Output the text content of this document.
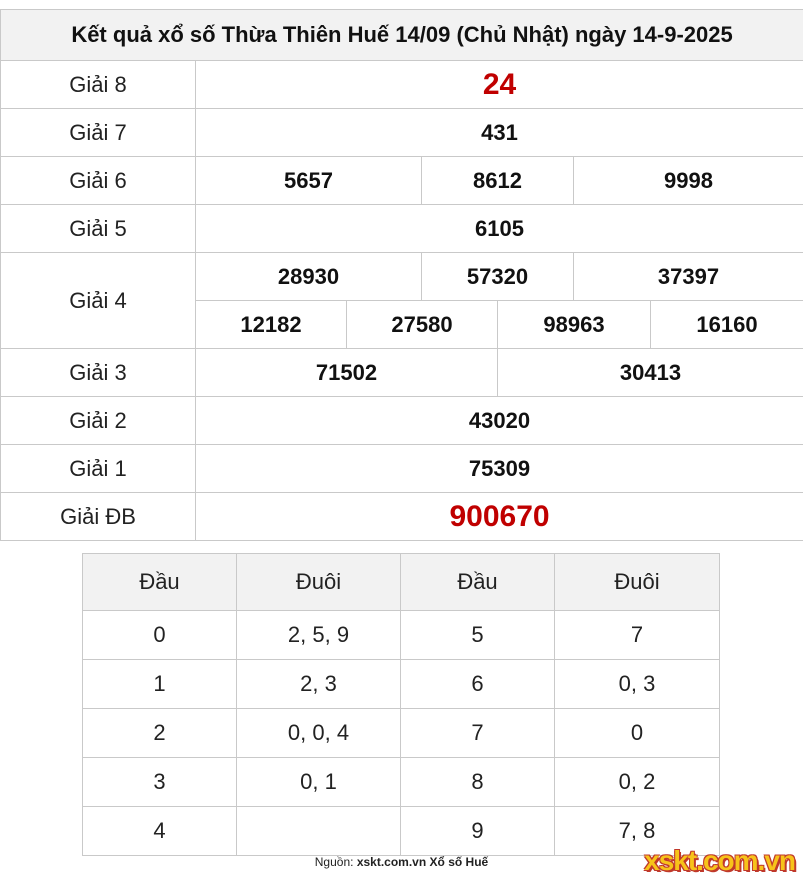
Kết quả xổ số Thừa Thiên Huế 14/09 (Chủ Nhật) ngày 14-9-2025						
Giải 8	24					
Giải 7	431					
Giải 6	5657		8612		9998	
Giải 5	6105					
Giải 4	28930		57320		37397	
	12182	27580		98963		16160
Giải 3	71502			30413		
Giải 2	43020					
Giải 1	75309					
Giải ĐB	900670					
Đầu	Đuôi	Đầu	Đuôi
0	2, 5, 9	5	7
1	2, 3	6	0, 3
2	0, 0, 4	7	0
3	0, 1	8	0, 2
4		9	7, 8
Nguồn: xskt.com.vn Xổ số Huế	xskt.com.vn
